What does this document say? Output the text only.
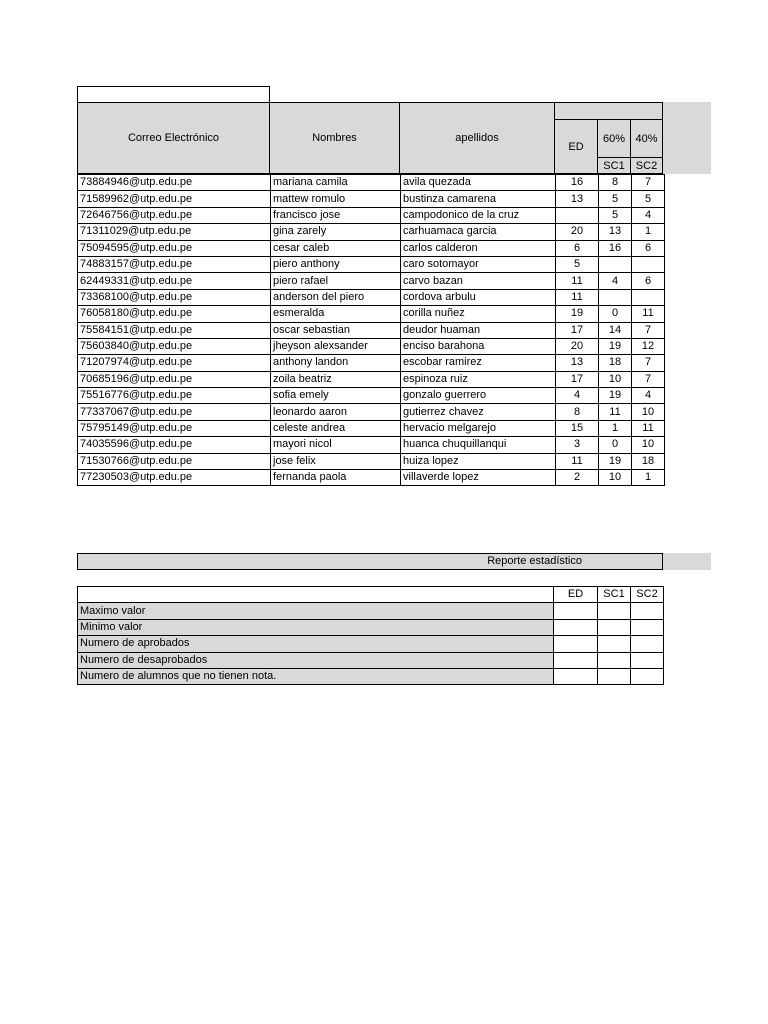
Correo Electrónico	Nombres	apellidos
ED
60% 40%
SC1 SC2
73884946@utp.edu.pe	mariana camila	avila quezada	16	8	7
71589962@utp.edu.pe	mattew romulo	bustinza camarena	13	5	5
72646756@utp.edu.pe	francisco jose	campodonico de la cruz		5	4
71311029@utp.edu.pe	gina zarely	carhuamaca garcia	20	13	1
75094595@utp.edu.pe	cesar caleb	carlos calderon	6	16	6
74883157@utp.edu.pe	piero anthony	caro sotomayor	5		
62449331@utp.edu.pe	piero rafael	carvo bazan	11	4	6
73368100@utp.edu.pe	anderson del piero	cordova arbulu	11		
76058180@utp.edu.pe	esmeralda	corilla nuñez	19	0	11
75584151@utp.edu.pe	oscar sebastian	deudor huaman	17	14	7
75603840@utp.edu.pe	jheyson alexsander	enciso barahona	20	19	12
71207974@utp.edu.pe	anthony landon	escobar ramirez	13	18	7
70685196@utp.edu.pe	zoila beatriz	espinoza ruiz	17	10	7
75516776@utp.edu.pe	sofia emely	gonzalo guerrero	4	19	4
77337067@utp.edu.pe	leonardo aaron	gutierrez chavez	8	11	10
75795149@utp.edu.pe	celeste andrea	hervacio melgarejo	15	1	11
74035596@utp.edu.pe	mayori nicol	huanca chuquillanqui	3	0	10
71530766@utp.edu.pe	jose felix	huiza lopez	11	19	18
77230503@utp.edu.pe	fernanda paola	villaverde lopez	2	10	1
Reporte estadístico
	ED	SC1	SC2
Maximo valor			
Minimo valor			
Numero de aprobados			
Numero de desaprobados			
Numero de alumnos que no tienen nota.			
